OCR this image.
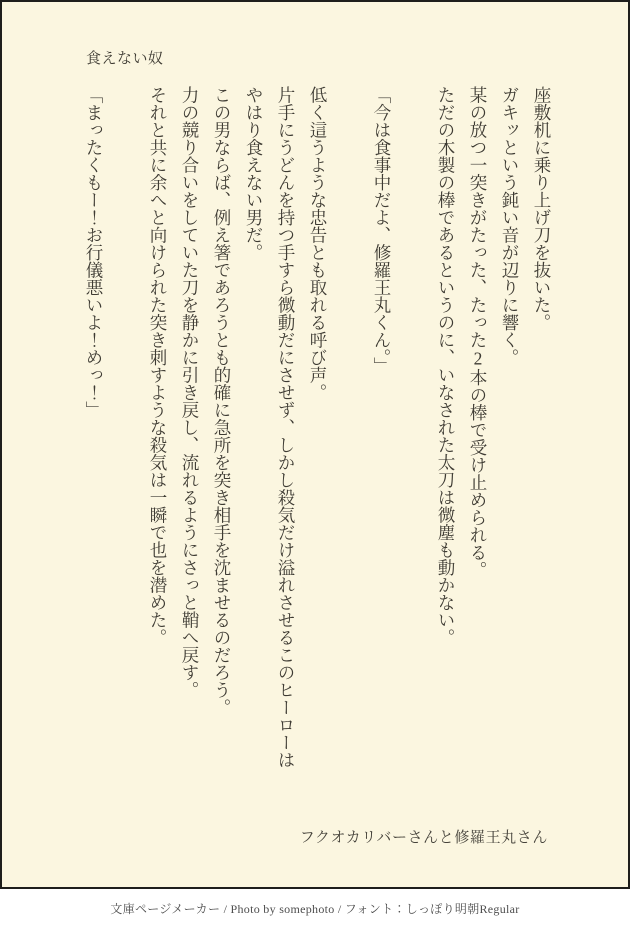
食えない奴

座敷机に乗り上げ刀を抜いた。

ガキッという鈍い音が辺りに響く。

某の放つ一突きがたった、たった2本の棒で受け止められる。

ただの木製の棒であるというのに、いなされた太刀は微塵も動かない。

「今は食事中だよ、修羅王丸くん。」

低く這うような忠告とも取れる呼び声。

片手にうどんを持つ手すら微動だにさせず、しかし殺気だけ溢れさせるこのヒーローは

やはり食えない男だ。

この男ならば、例え箸であろうとも的確に急所を突き相手を沈ませるのだろう。

力の競り合いをしていた刀を静かに引き戻し、流れるようにさっと鞘へ戻す。

それと共に余へと向けられた突き刺すような殺気は一瞬で也を潜めた。

「まったくもー！お行儀悪いよ！めっ！」

フクオカリバーさんと修羅王丸さん
文庫ページメーカー / Photo by somephoto / フォント：しっぽり明朝Regular
